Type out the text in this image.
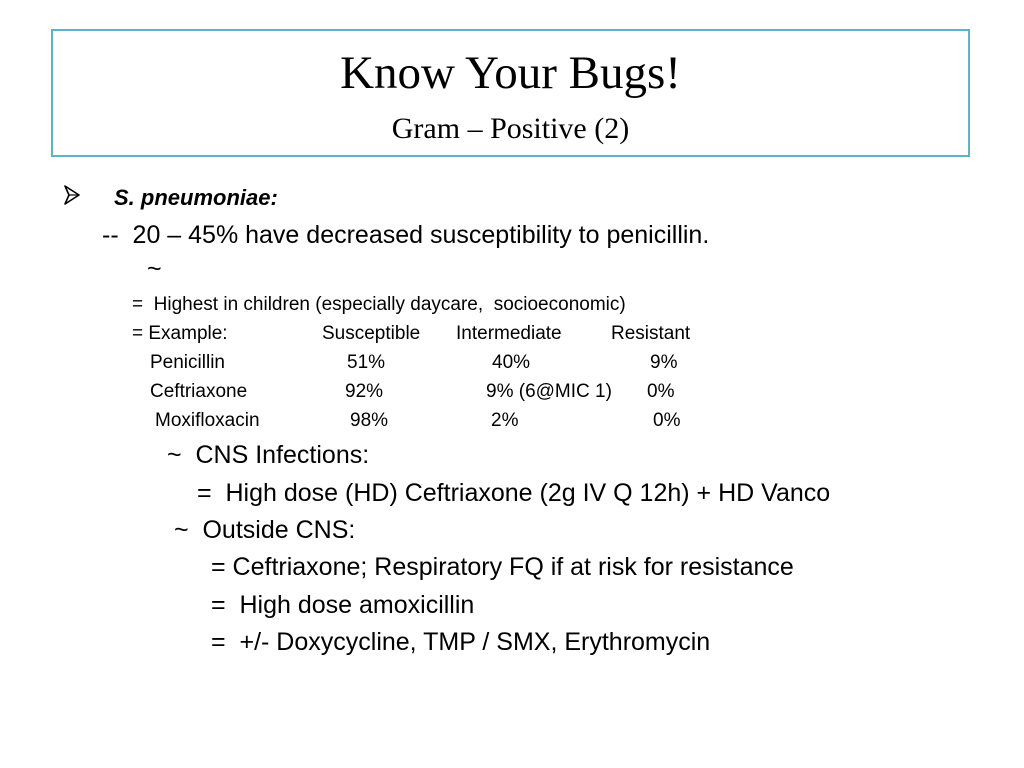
Know Your Bugs!
Gram – Positive (2)
S. pneumoniae:
--  20 – 45% have decreased susceptibility to penicillin.
~
=  Highest in children (especially daycare,  socioeconomic)
= Example:	Susceptible Intermediate	Resistant
Penicillin	51%	40%	9%
Ceftriaxone	92%	9% (6@MIC 1) 0%
Moxifloxacin	98%	2%	0%
~  CNS Infections:
=  High dose (HD) Ceftriaxone (2g IV Q 12h) + HD Vanco
~  Outside CNS:
= Ceftriaxone; Respiratory FQ if at risk for resistance
=  High dose amoxicillin
=  +/- Doxycycline, TMP / SMX, Erythromycin
